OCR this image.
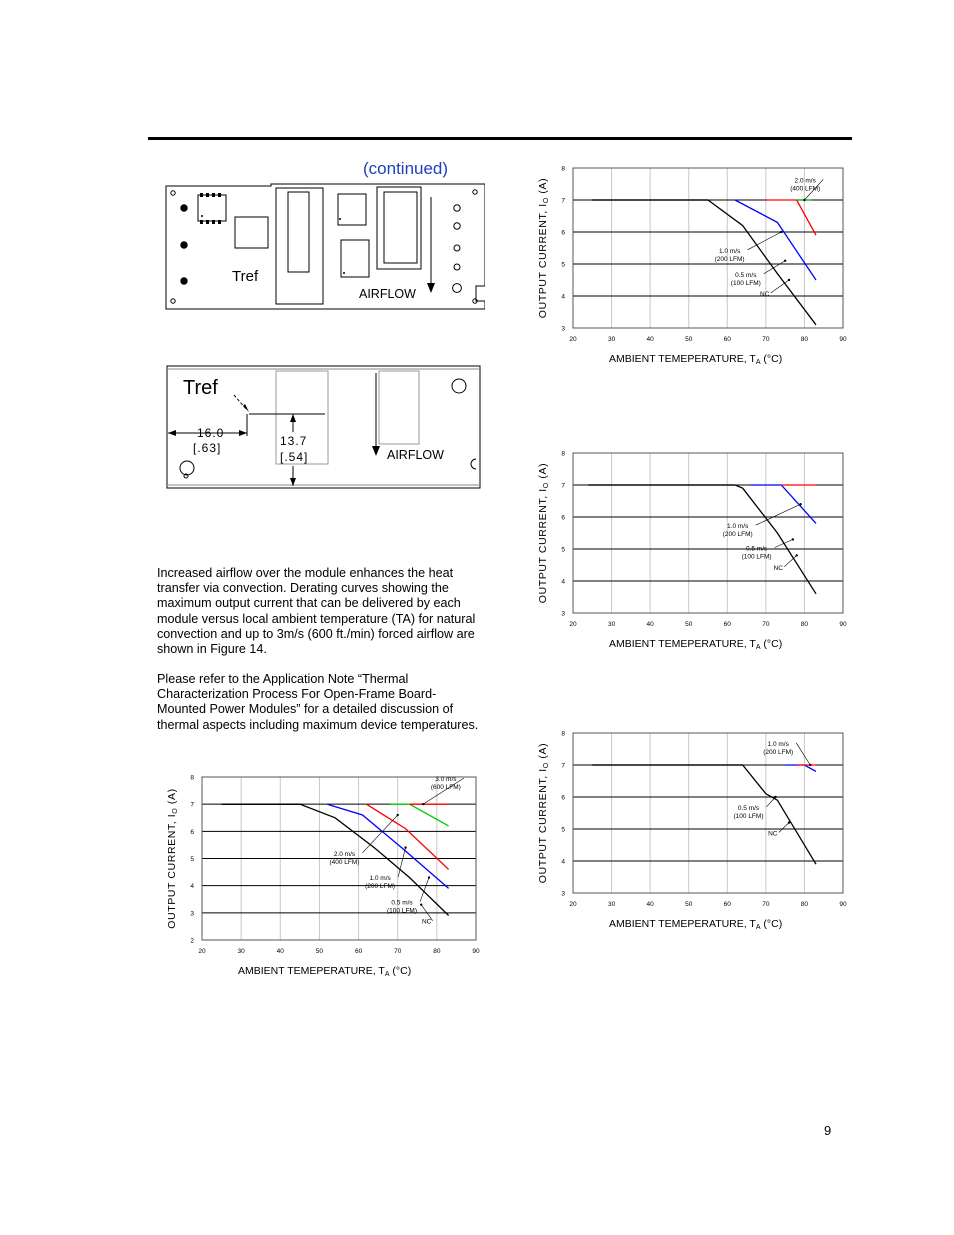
(continued)
Tref
AIRFLOW
Tref
16.0
[.63]	13.7
[.54]	AIRFLOW

Increased airflow over the module enhances the heat transfer via convection. Derating curves showing the maximum output current that can be delivered by each module versus local ambient temperature (TA) for natural convection and up to 3m/s (600 ft./min) forced airflow are shown in Figure 14.

Please refer to the Application Note “Thermal Characterization Process For Open-Frame Board-Mounted Power Modules” for a detailed discussion of thermal aspects including maximum device temperatures.

20	30	40	50	60	70	80	90
2
3
4
5
6
7
8	3.0 m/s
(600 LFM)
2.0 m/s
(400 LFM)
1.0 m/s
(200 LFM)
0.5 m/s
(100 LFM)
NC
OUTPUT CURRENT, IO (A)
AMBIENT TEMEPERATURE, TA (°C)
20	30	40	50	60	70	80	90
3
4
5
6
7
8
2.0 m/s
(400 LFM)
1.0 m/s
(200 LFM)
0.5 m/s
(100 LFM)
NC
OUTPUT CURRENT, IO (A)
AMBIENT TEMEPERATURE, TA (°C)
20	30	40	50	60	70	80	90
3
4
5
6
7
8
1.0 m/s
(200 LFM)
0.5 m/s
(100 LFM)
NC
OUTPUT CURRENT, IO (A)
AMBIENT TEMEPERATURE, TA (°C)
20	30	40	50	60	70	80	90
3
4
5
6
7
8
1.0 m/s
(200 LFM)
0.5 m/s
(100 LFM)
NC
OUTPUT CURRENT, IO (A)
AMBIENT TEMEPERATURE, TA (°C)
9
